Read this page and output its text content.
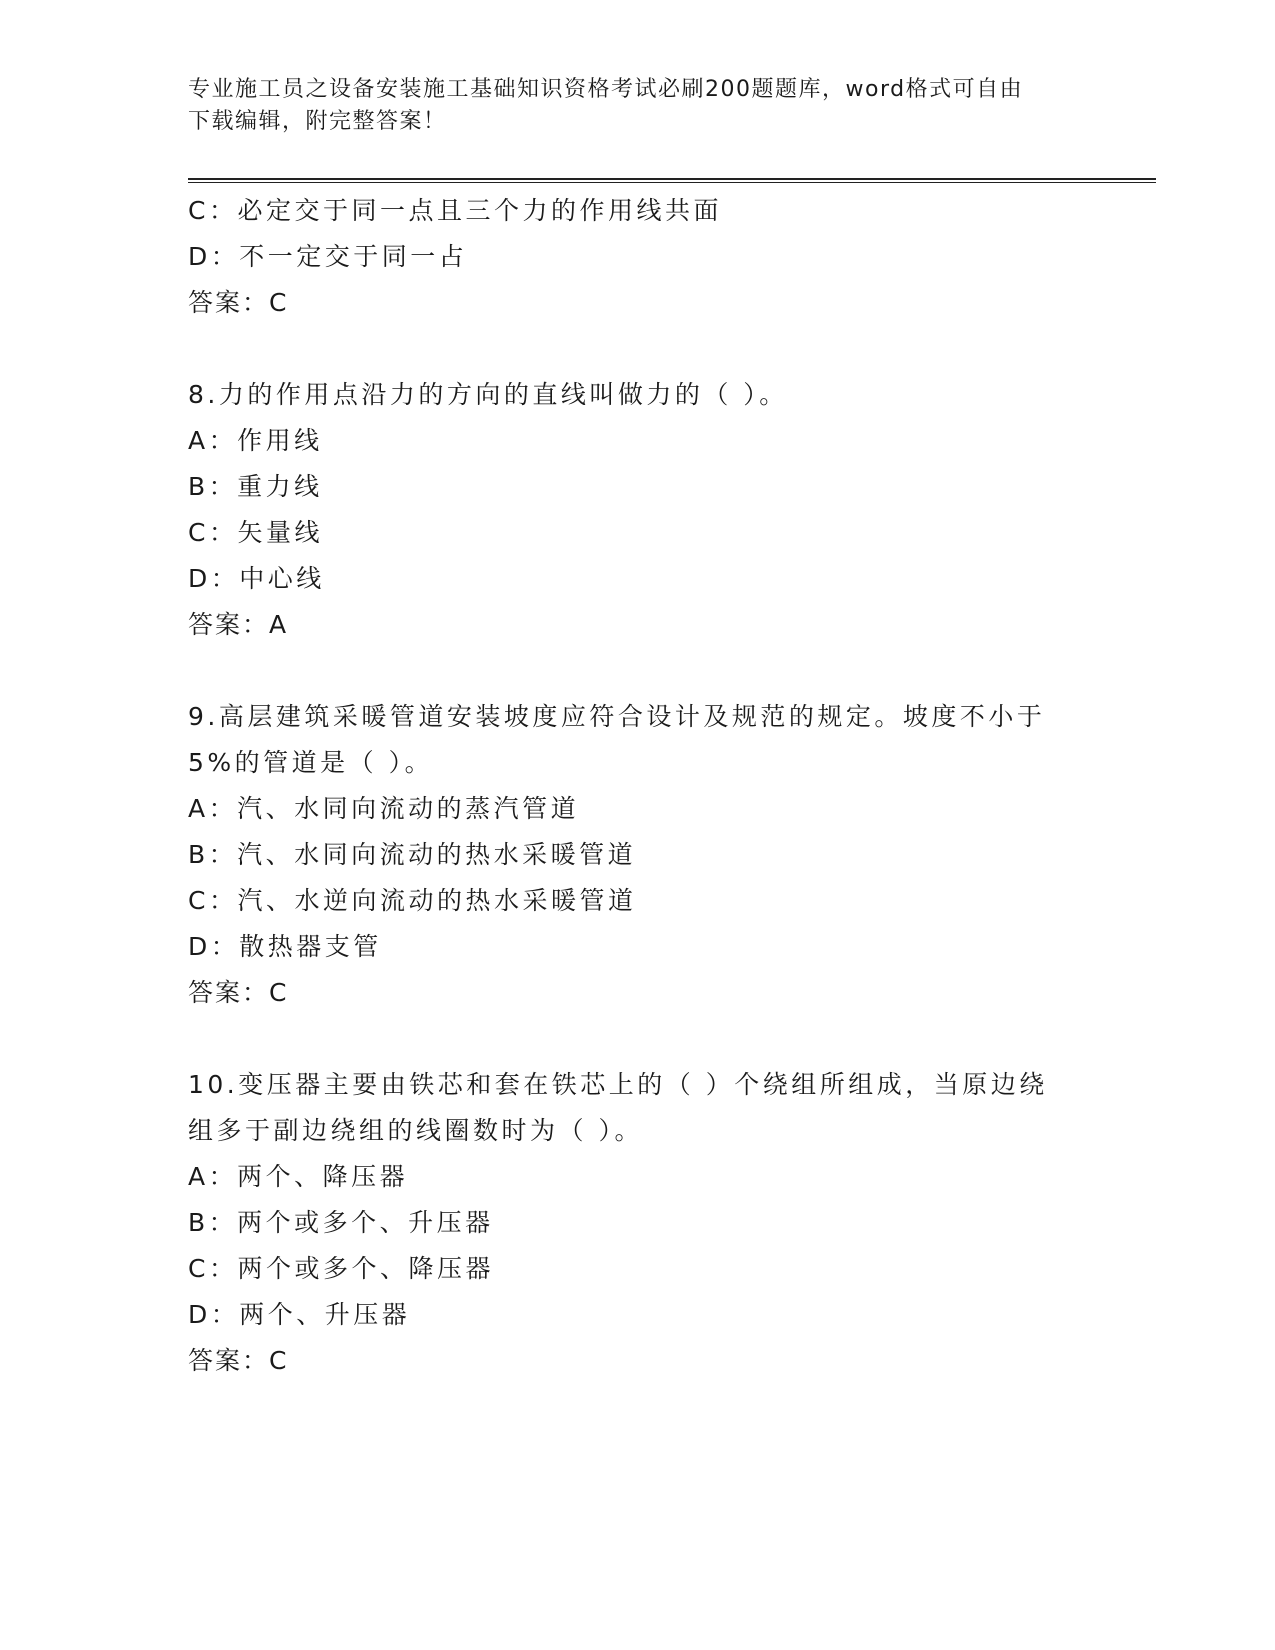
专业施工员之设备安装施工基础知识资格考试必刷200题题库，word格式可自由
下载编辑，附完整答案！
C：必定交于同一点且三个力的作用线共面
D：不一定交于同一占
答案：C
8.力的作用点沿力的方向的直线叫做力的（ ）。
A：作用线
B：重力线
C：矢量线
D：中心线
答案：A
9.高层建筑采暖管道安装坡度应符合设计及规范的规定。坡度不小于
5%的管道是（ ）。
A：汽、水同向流动的蒸汽管道
B：汽、水同向流动的热水采暖管道
C：汽、水逆向流动的热水采暖管道
D：散热器支管
答案：C
10.变压器主要由铁芯和套在铁芯上的（ ）个绕组所组成，当原边绕
组多于副边绕组的线圈数时为（ ）。
A：两个、降压器
B：两个或多个、升压器
C：两个或多个、降压器
D：两个、升压器
答案：C
